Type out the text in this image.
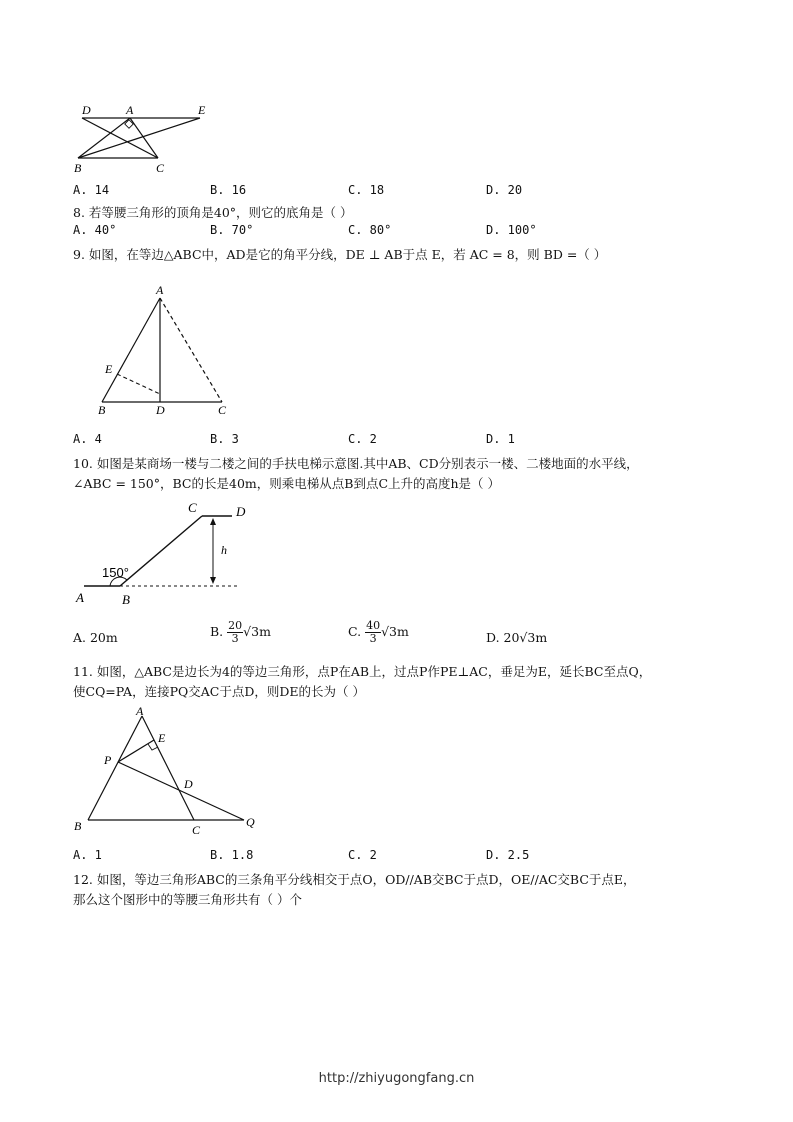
D	A	E
B	C
A. 14	B. 16	C. 18	D. 20
8. 若等腰三角形的顶角是40°，则它的底角是（ ）
A. 40°	B. 70°	C. 80°	D. 100°
9. 如图，在等边△ABC中，AD是它的角平分线，DE ⊥ AB于点 E，若 AC = 8，则 BD =（ ）
A
E
B	D	C
A. 4	B. 3	C. 2	D. 1
10. 如图是某商场一楼与二楼之间的手扶电梯示意图.其中AB、CD分别表示一楼、二楼地面的水平线，
∠ABC = 150°，BC的长是40m，则乘电梯从点B到点C上升的高度h是（ ）
C	D
h
150°
A	B
A. 20m	B. $\frac{20}{3} √3m$	C. $\frac{40}{3} √3m$	D. 20√3m
11. 如图，△ABC是边长为4的等边三角形，点P在AB上，过点P作PE⊥AC，垂足为E，延长BC至点Q，
使CQ=PA，连接PQ交AC于点D，则DE的长为（ ）
A
E
P
D
B	C
Q
A. 1	B. 1.8	C. 2	D. 2.5
12. 如图，等边三角形ABC的三条角平分线相交于点O，OD//AB交BC于点D，OE//AC交BC于点E，
那么这个图形中的等腰三角形共有（ ）个
http://zhiyugongfang.cn
